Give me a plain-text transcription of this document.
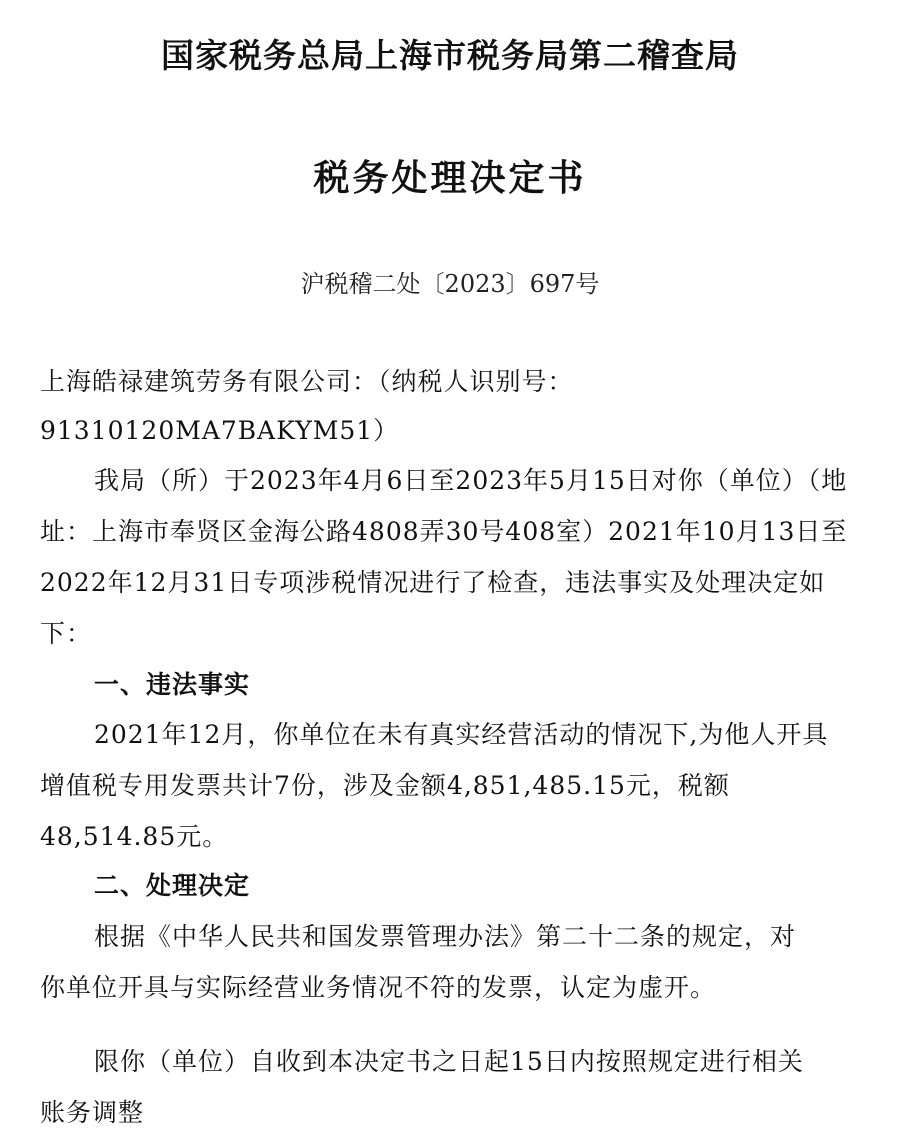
国家税务总局上海市税务局第二稽查局
税务处理决定书
沪税稽二处〔2023〕697号
上海皓禄建筑劳务有限公司：（纳税人识别号：
91310120MA7BAKYM51）
我局（所）于2023年4月6日至2023年5月15日对你（单位）（地
址：上海市奉贤区金海公路4808弄30号408室）2021年10月13日至
2022年12月31日专项涉税情况进行了检查，违法事实及处理决定如
下：
一、违法事实
2021年12月，你单位在未有真实经营活动的情况下,为他人开具
增值税专用发票共计7份，涉及金额4,851,485.15元，税额
48,514.85元。
二、处理决定
根据《中华人民共和国发票管理办法》第二十二条的规定，对
你单位开具与实际经营业务情况不符的发票，认定为虚开。
限你（单位）自收到本决定书之日起15日内按照规定进行相关
账务调整
